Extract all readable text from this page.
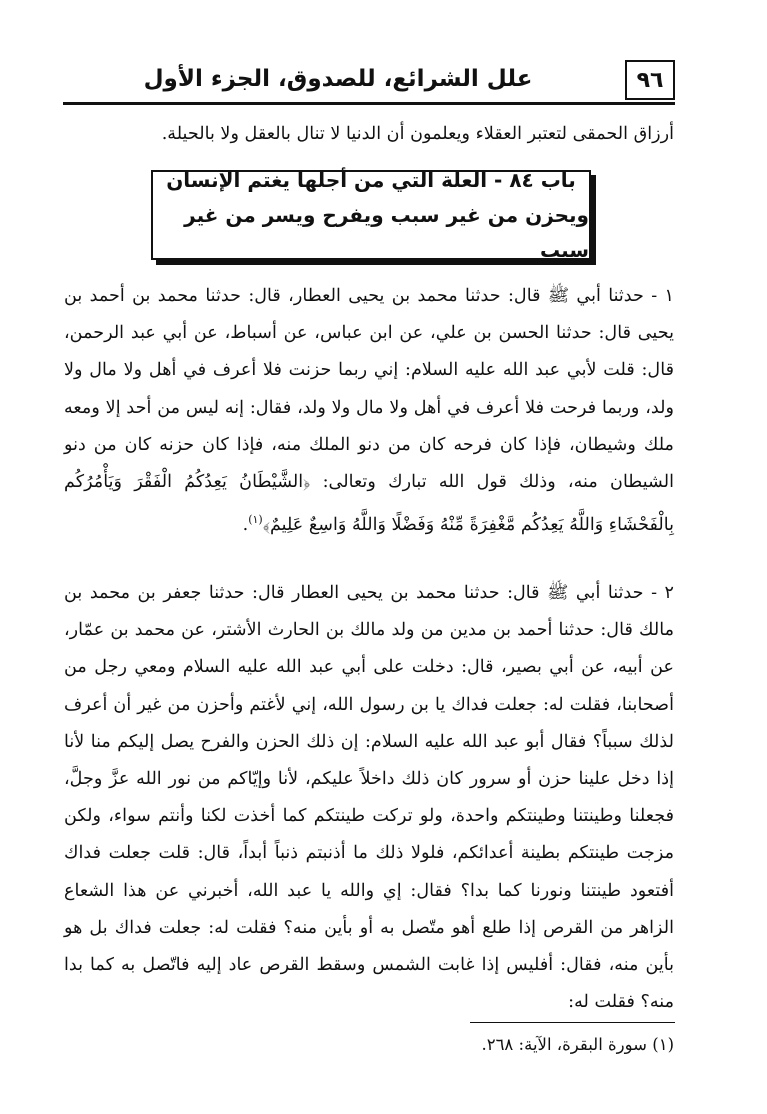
٩٦
علل الشرائع، للصدوق، الجزء الأول
أرزاق الحمقى لتعتبر العقلاء ويعلمون أن الدنيا لا تنال بالعقل ولا بالحيلة.
باب ٨٤ - العلة التي من أجلها يغتم الإنسان
ويحزن من غير سبب ويفرح ويسر من غير سبب
١ - حدثنا أبي ﷺ قال: حدثنا محمد بن يحيى العطار، قال: حدثنا محمد بن أحمد بن يحيى قال: حدثنا الحسن بن علي، عن ابن عباس، عن أسباط، عن أبي عبد الرحمن، قال: قلت لأبي عبد الله عليه السلام: إني ربما حزنت فلا أعرف في أهل ولا مال ولا ولد، وربما فرحت فلا أعرف في أهل ولا مال ولا ولد، فقال: إنه ليس من أحد إلا ومعه ملك وشيطان، فإذا كان فرحه كان من دنو الملك منه، فإذا كان حزنه كان من دنو الشيطان منه، وذلك قول الله تبارك وتعالى: ﴿الشَّيْطَانُ يَعِدُكُمُ الْفَقْرَ وَيَأْمُرُكُم بِالْفَحْشَاءِ وَاللَّهُ يَعِدُكُم مَّغْفِرَةً مِّنْهُ وَفَضْلًا وَاللَّهُ وَاسِعٌ عَلِيمٌ﴾$^{(١)}$.
٢ - حدثنا أبي ﷺ قال: حدثنا محمد بن يحيى العطار قال: حدثنا جعفر بن محمد بن مالك قال: حدثنا أحمد بن مدين من ولد مالك بن الحارث الأشتر، عن محمد بن عمّار، عن أبيه، عن أبي بصير، قال: دخلت على أبي عبد الله عليه السلام ومعي رجل من أصحابنا، فقلت له: جعلت فداك يا بن رسول الله، إني لأغتم وأحزن من غير أن أعرف لذلك سبباً؟ فقال أبو عبد الله عليه السلام: إن ذلك الحزن والفرح يصل إليكم منا لأنا إذا دخل علينا حزن أو سرور كان ذلك داخلاً عليكم، لأنا وإيّاكم من نور الله عزَّ وجلَّ، فجعلنا وطينتنا وطينتكم واحدة، ولو تركت طينتكم كما أخذت لكنا وأنتم سواء، ولكن مزجت طينتكم بطينة أعدائكم، فلولا ذلك ما أذنبتم ذنباً أبداً، قال: قلت جعلت فداك أفتعود طينتنا ونورنا كما بدا؟ فقال: إي والله يا عبد الله، أخبرني عن هذا الشعاع الزاهر من القرص إذا طلع أهو متّصل به أو بأين منه؟ فقلت له: جعلت فداك بل هو بأين منه، فقال: أفليس إذا غابت الشمس وسقط القرص عاد إليه فاتّصل به كما بدا منه؟ فقلت له:
(١) سورة البقرة، الآية: ٢٦٨.
